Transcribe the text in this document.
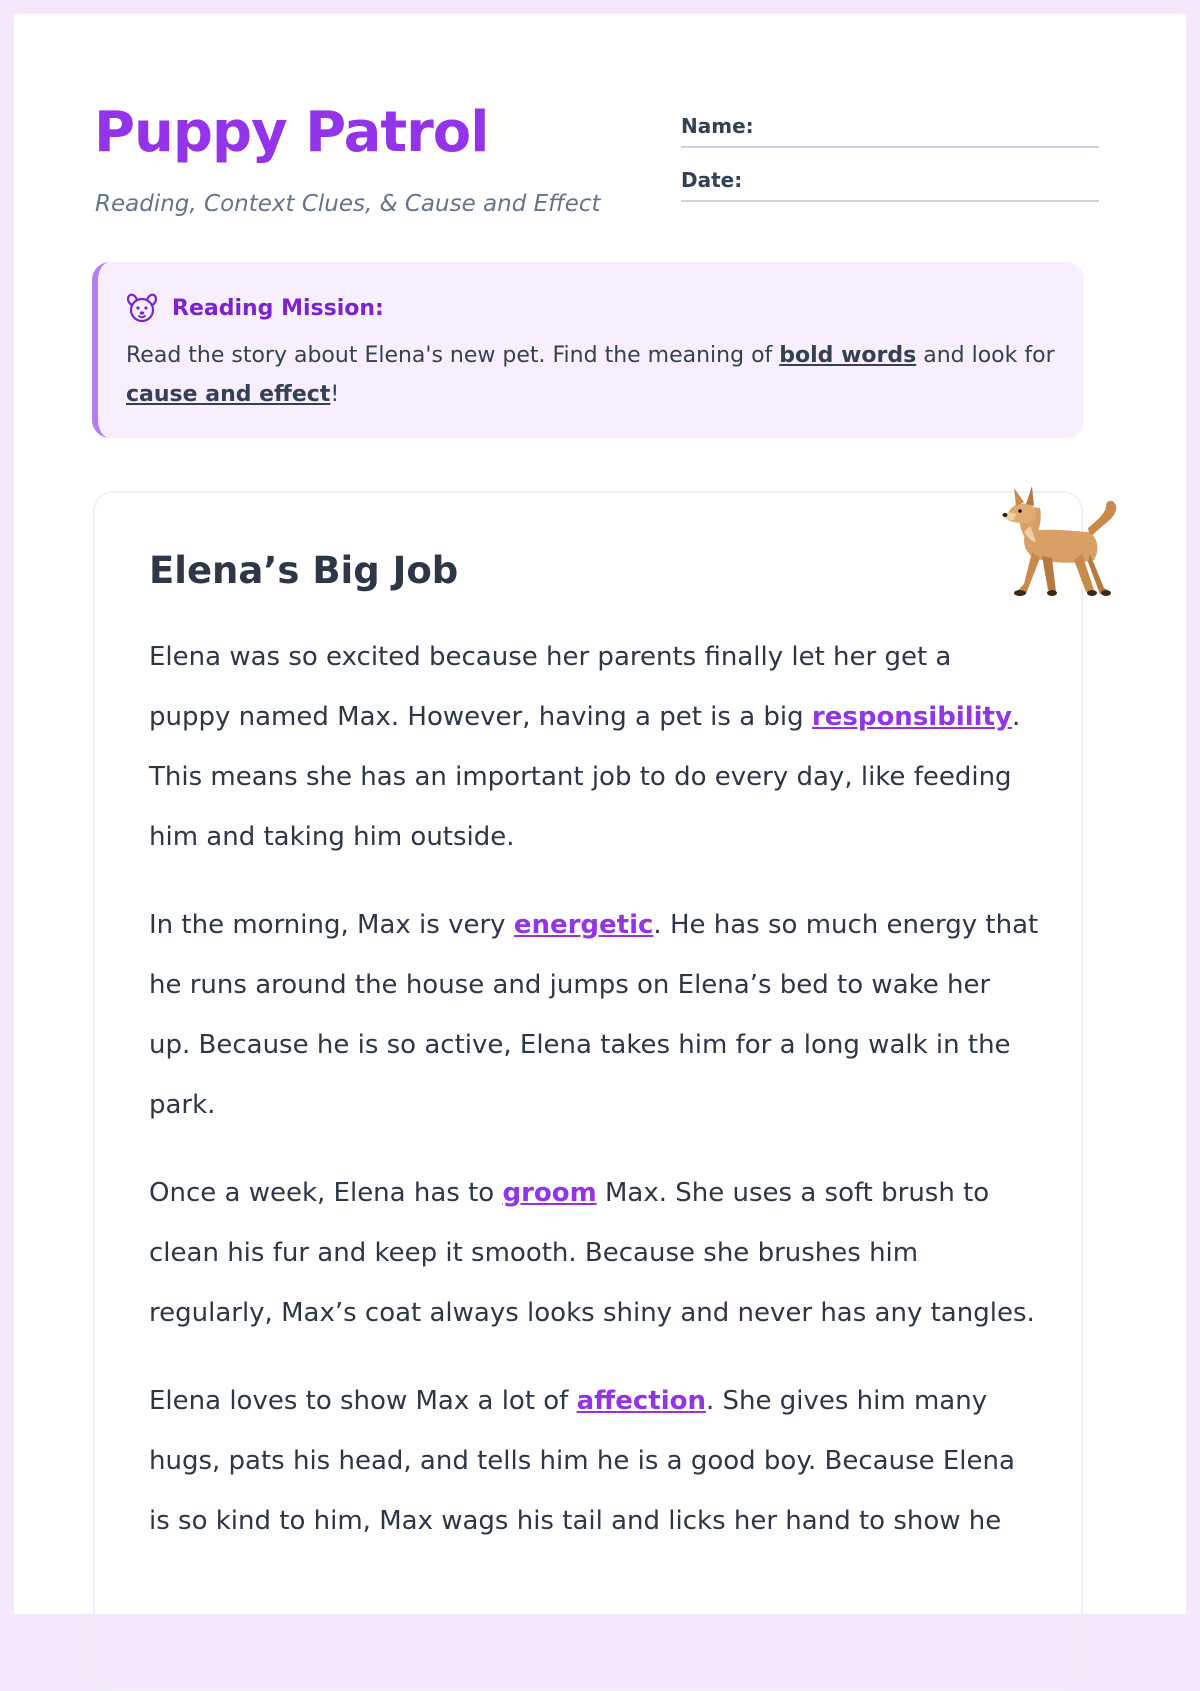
Puppy Patrol

Reading, Context Clues, & Cause and Effect

Name:
Date:
Reading Mission:

Read the story about Elena's new pet. Find the meaning of bold words and look for cause and effect!

Elena’s Big Job

Elena was so excited because her parents finally let her get a puppy named Max. However, having a pet is a big responsibility. This means she has an important job to do every day, like feeding him and taking him outside.

In the morning, Max is very energetic. He has so much energy that he runs around the house and jumps on Elena’s bed to wake her up. Because he is so active, Elena takes him for a long walk in the park.

Once a week, Elena has to groom Max. She uses a soft brush to clean his fur and keep it smooth. Because she brushes him regularly, Max’s coat always looks shiny and never has any tangles.

Elena loves to show Max a lot of affection. She gives him many hugs, pats his head, and tells him he is a good boy. Because Elena is so kind to him, Max wags his tail and licks her hand to show he
